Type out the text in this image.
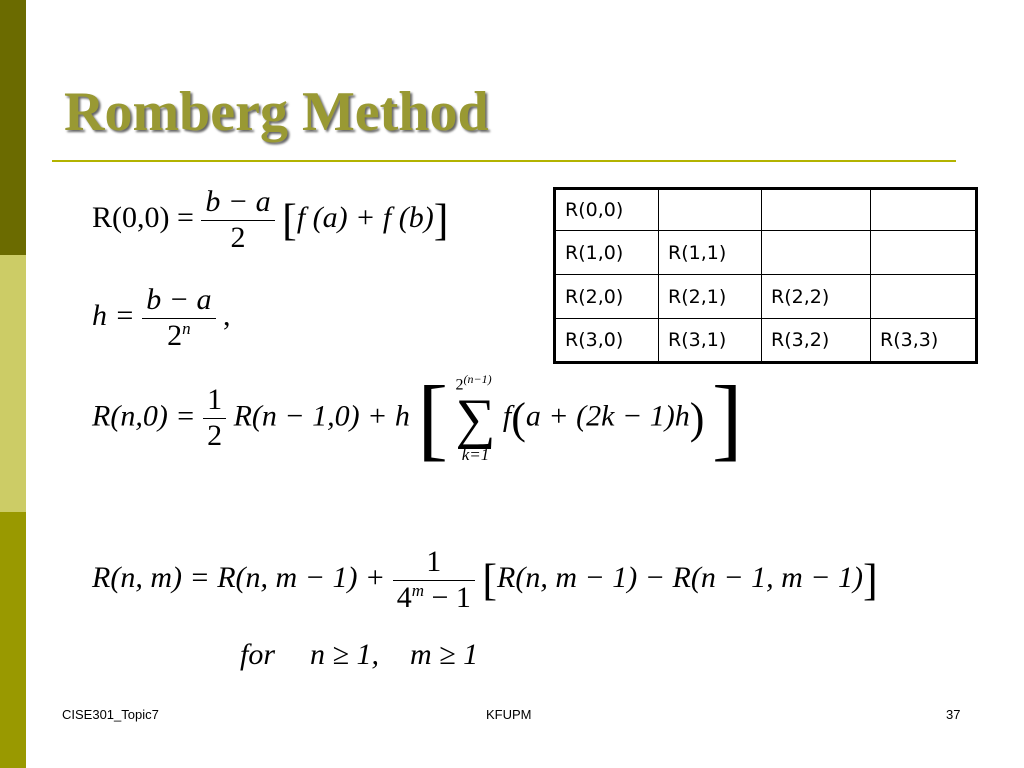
Romberg Method
$R(0,0) = \frac{b - a}{2} [f$ (a) + f (b)]
$h = \frac{b - a}{2^n}$ ,
$R(n,0) = \frac{1}{2} R(n - 1,0) + h$ [ $2^{(n-1)}$
∑
k=1
f(a + (2k − 1)h) ]
R(n, m) = R(n, $m - 1) + \frac{1}{4^m - 1} [R(n$, m − 1) − R(n − 1, m − 1)]
for n ≥ 1, m ≥ 1
R(0,0)			
R(1,0)	R(1,1)		
R(2,0)	R(2,1)	R(2,2)	
R(3,0)	R(3,1)	R(3,2)	R(3,3)
CISE301_Topic7	KFUPM	37
